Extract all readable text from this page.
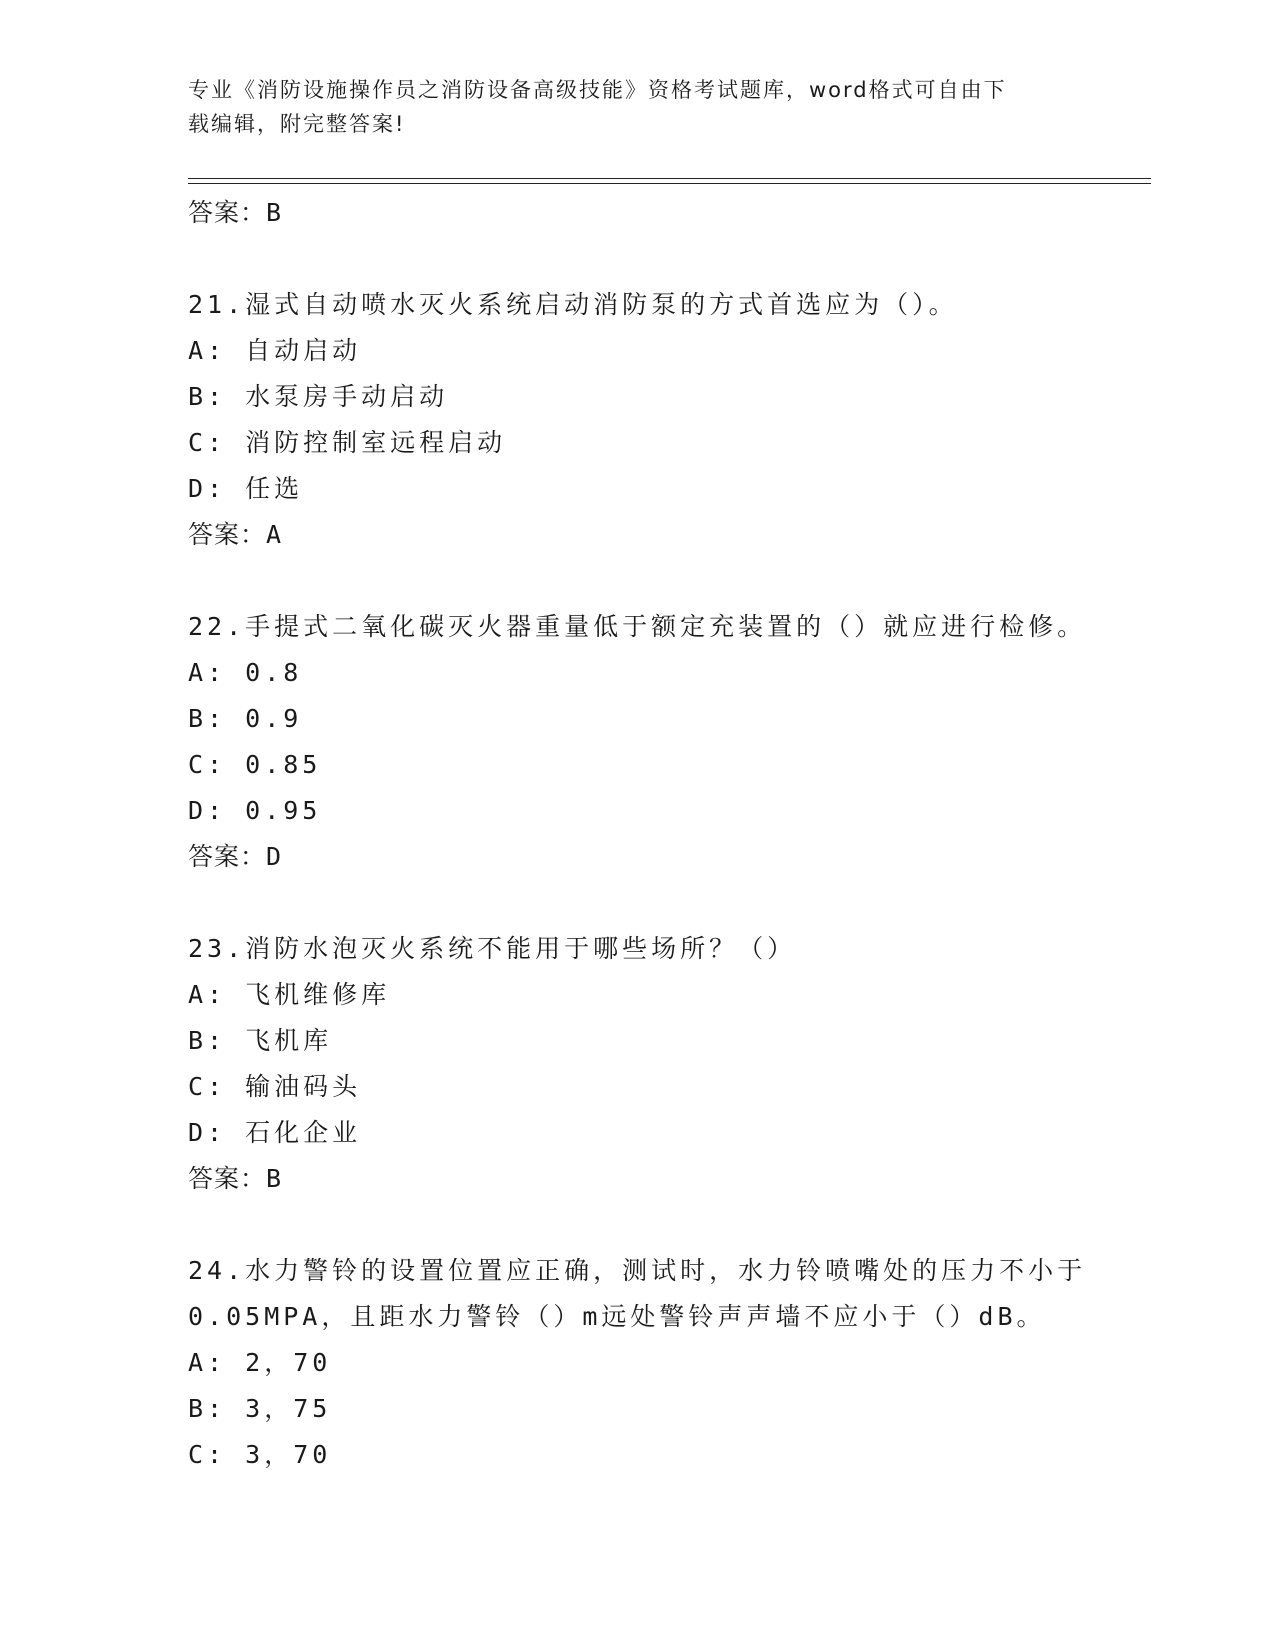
专业《消防设施操作员之消防设备高级技能》资格考试题库，word格式可自由下
载编辑，附完整答案!
答案：B
21.湿式自动喷水灭火系统启动消防泵的方式首选应为（）。
A: 自动启动
B: 水泵房手动启动
C: 消防控制室远程启动
D: 任选
答案：A
22.手提式二氧化碳灭火器重量低于额定充装置的（）就应进行检修。
A: 0.8
B: 0.9
C: 0.85
D: 0.95
答案：D
23.消防水泡灭火系统不能用于哪些场所？（）
A: 飞机维修库
B: 飞机库
C: 输油码头
D: 石化企业
答案：B
24.水力警铃的设置位置应正确，测试时，水力铃喷嘴处的压力不小于
0.05MPA，且距水力警铃（）m远处警铃声声墙不应小于（）dB。
A: 2，70
B: 3，75
C: 3，70
